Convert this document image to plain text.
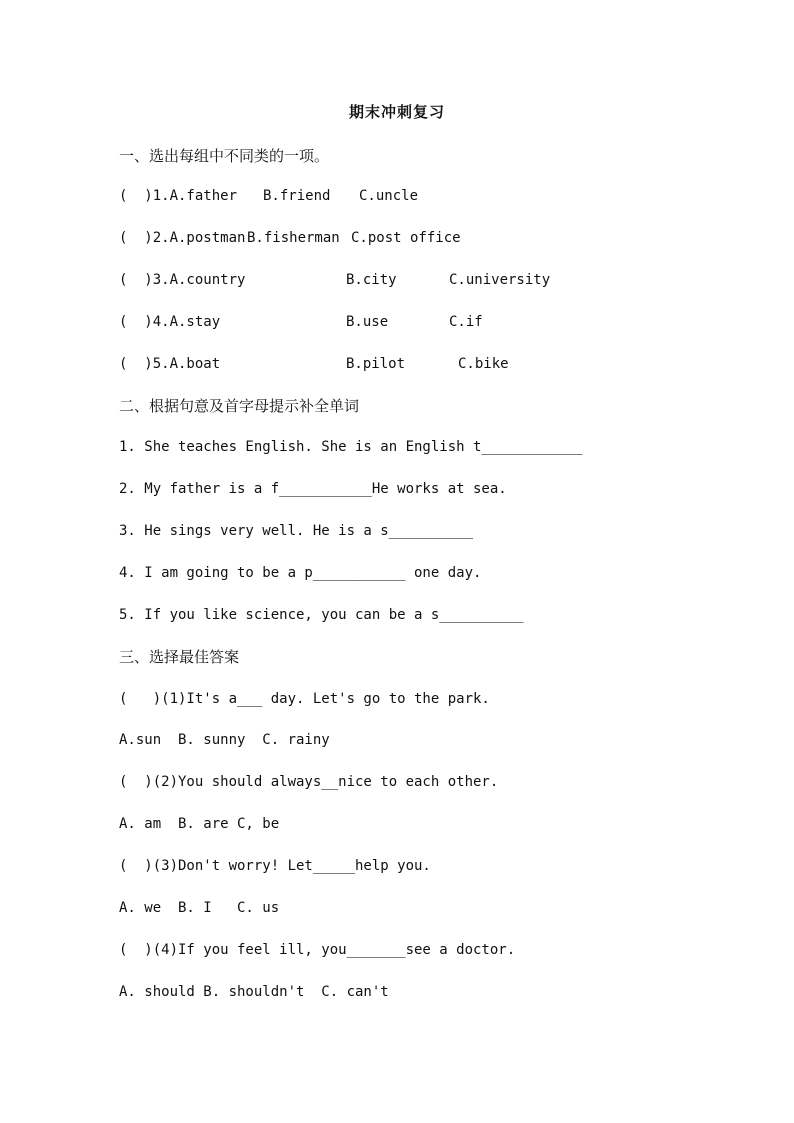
期末冲刺复习
一、选出每组中不同类的一项。

(  )1.A.father

B.friend

C.uncle

(  )2.A.postman

B.fisherman

C.post office

(  )3.A.country

	B.city

	C.university

(  )4.A.stay

	B.use

	C.if

(  )5.A.boat

	B.pilot

	C.bike

二、根据句意及首字母提示补全单词
1. She teaches English. She is an English t____________
2. My father is a f___________He works at sea.
3. He sings very well. He is a s__________
4. I am going to be a p___________ one day.
5. If you like science, you can be a s__________
三、选择最佳答案
(   )(1)It's a___ day. Let's go to the park.
A.sun  B. sunny  C. rainy
(  )(2)You should always__nice to each other.
A. am  B. are C, be
(  )(3)Don't worry! Let_____help you.
A. we  B. I   C. us
(  )(4)If you feel ill, you_______see a doctor.
A. should B. shouldn't  C. can't
